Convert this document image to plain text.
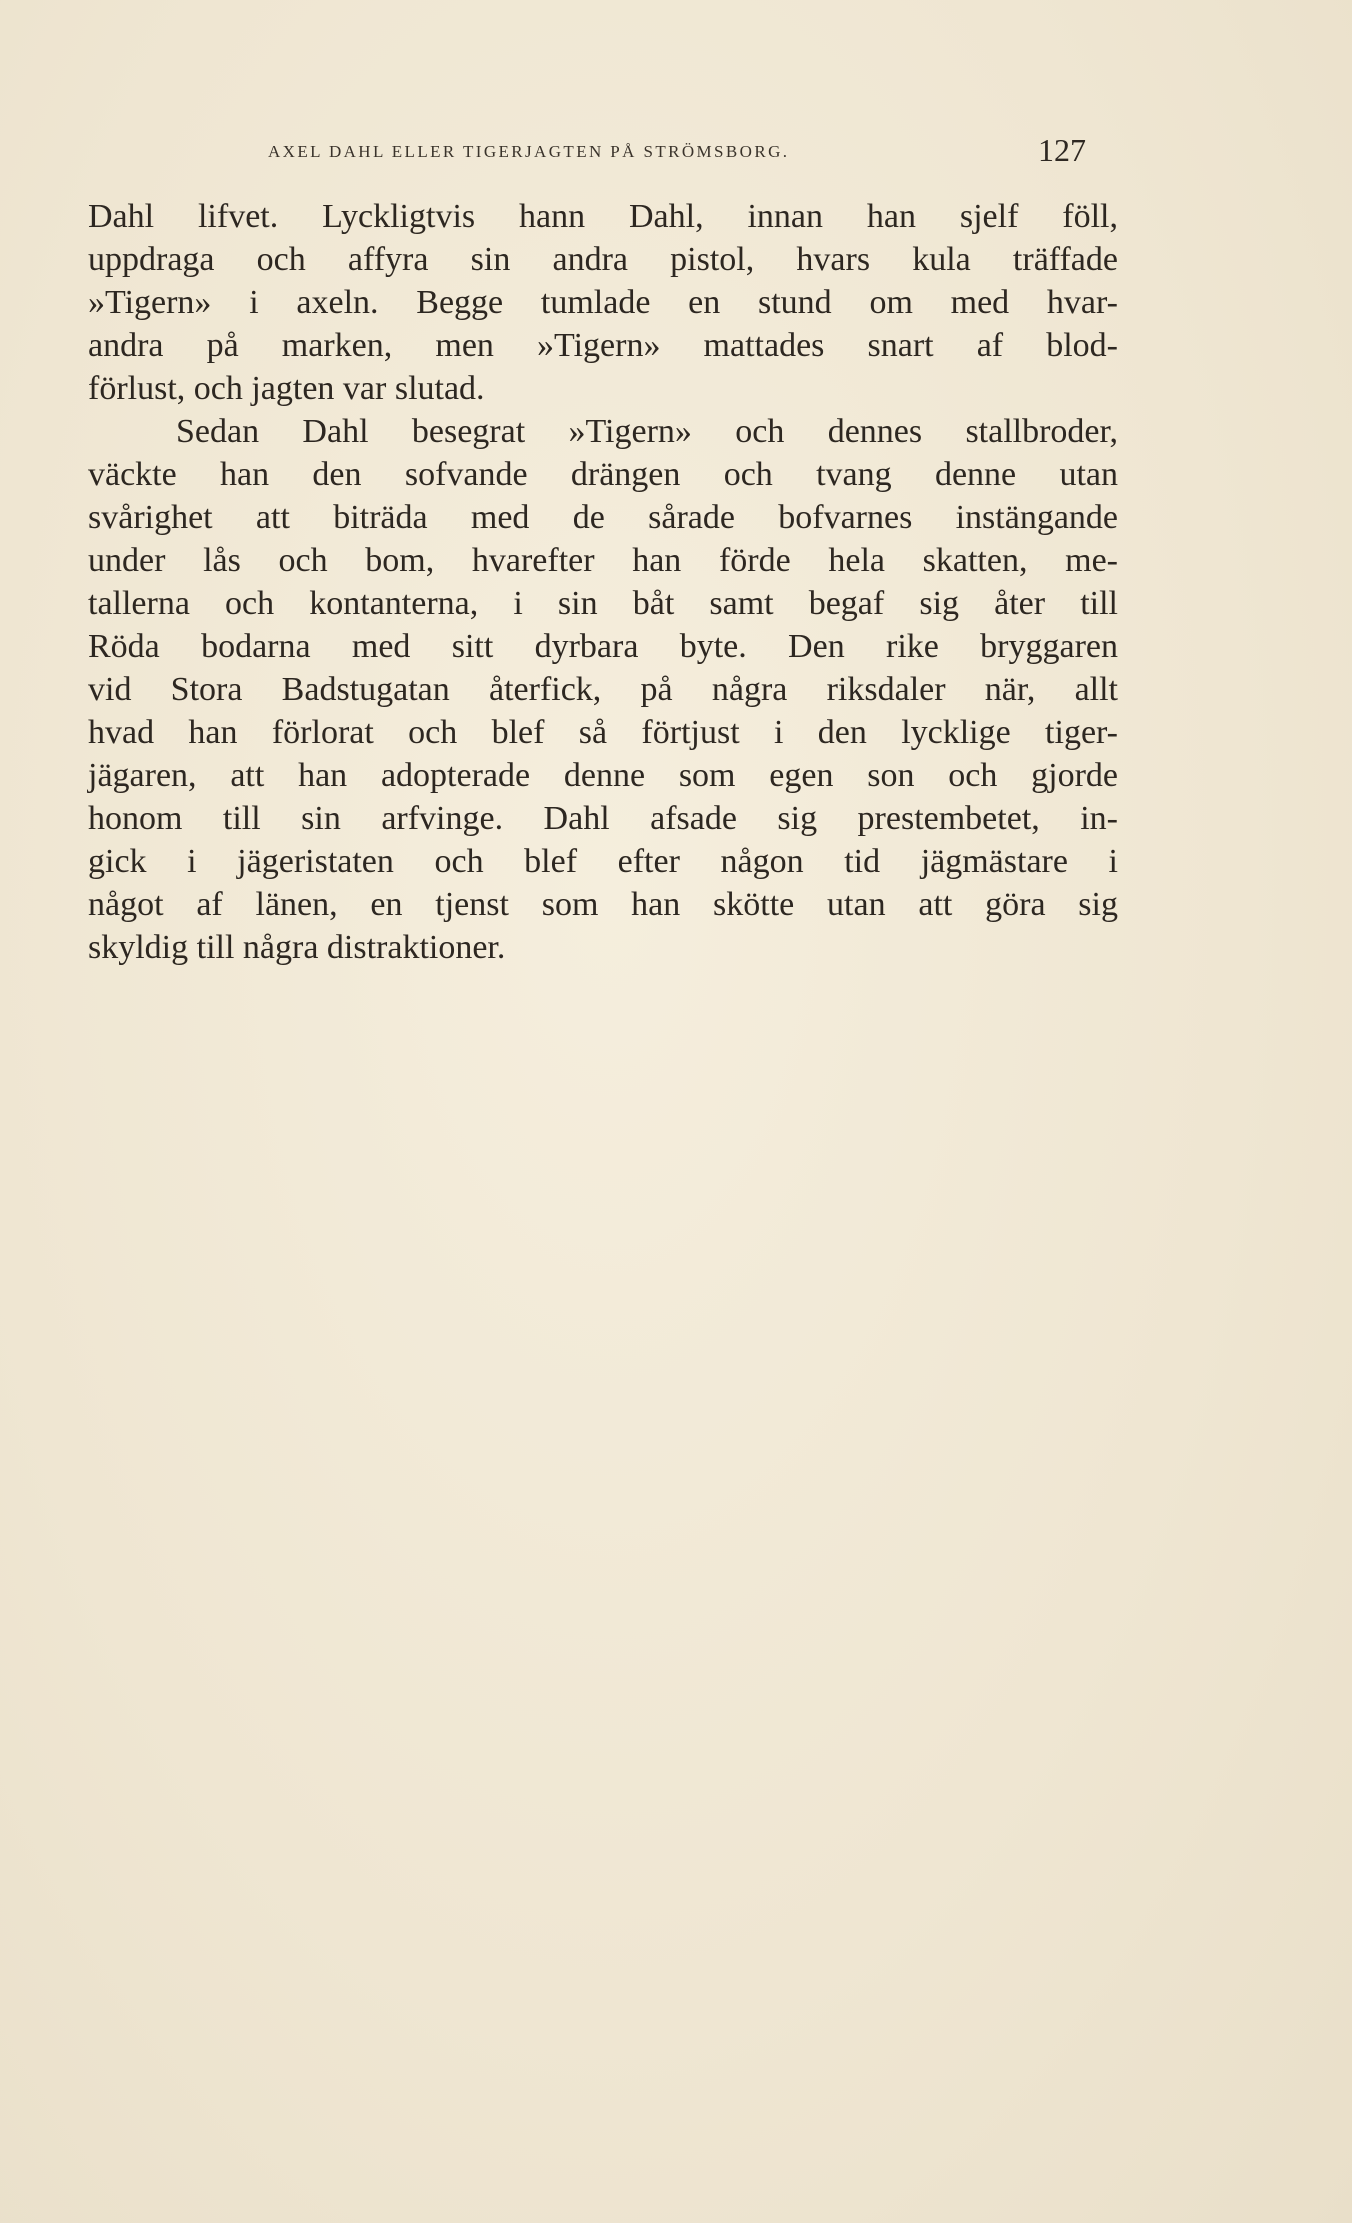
AXEL DAHL ELLER TIGERJAGTEN PÅ STRÖMSBORG.	127
Dahl lifvet. Lyckligtvis hann Dahl, innan han sjelf föll,
uppdraga och affyra sin andra pistol, hvars kula träffade
»Tigern» i axeln. Begge tumlade en stund om med hvar-
andra på marken, men »Tigern» mattades snart af blod-
förlust, och jagten var slutad.
Sedan Dahl besegrat »Tigern» och dennes stallbroder,
väckte han den sofvande drängen och tvang denne utan
svårighet att biträda med de sårade bofvarnes instängande
under lås och bom, hvarefter han förde hela skatten, me-
tallerna och kontanterna, i sin båt samt begaf sig åter till
Röda bodarna med sitt dyrbara byte. Den rike bryggaren
vid Stora Badstugatan återfick, på några riksdaler när, allt
hvad han förlorat och blef så förtjust i den lycklige tiger-
jägaren, att han adopterade denne som egen son och gjorde
honom till sin arfvinge. Dahl afsade sig prestembetet, in-
gick i jägeristaten och blef efter någon tid jägmästare i
något af länen, en tjenst som han skötte utan att göra sig
skyldig till några distraktioner.
